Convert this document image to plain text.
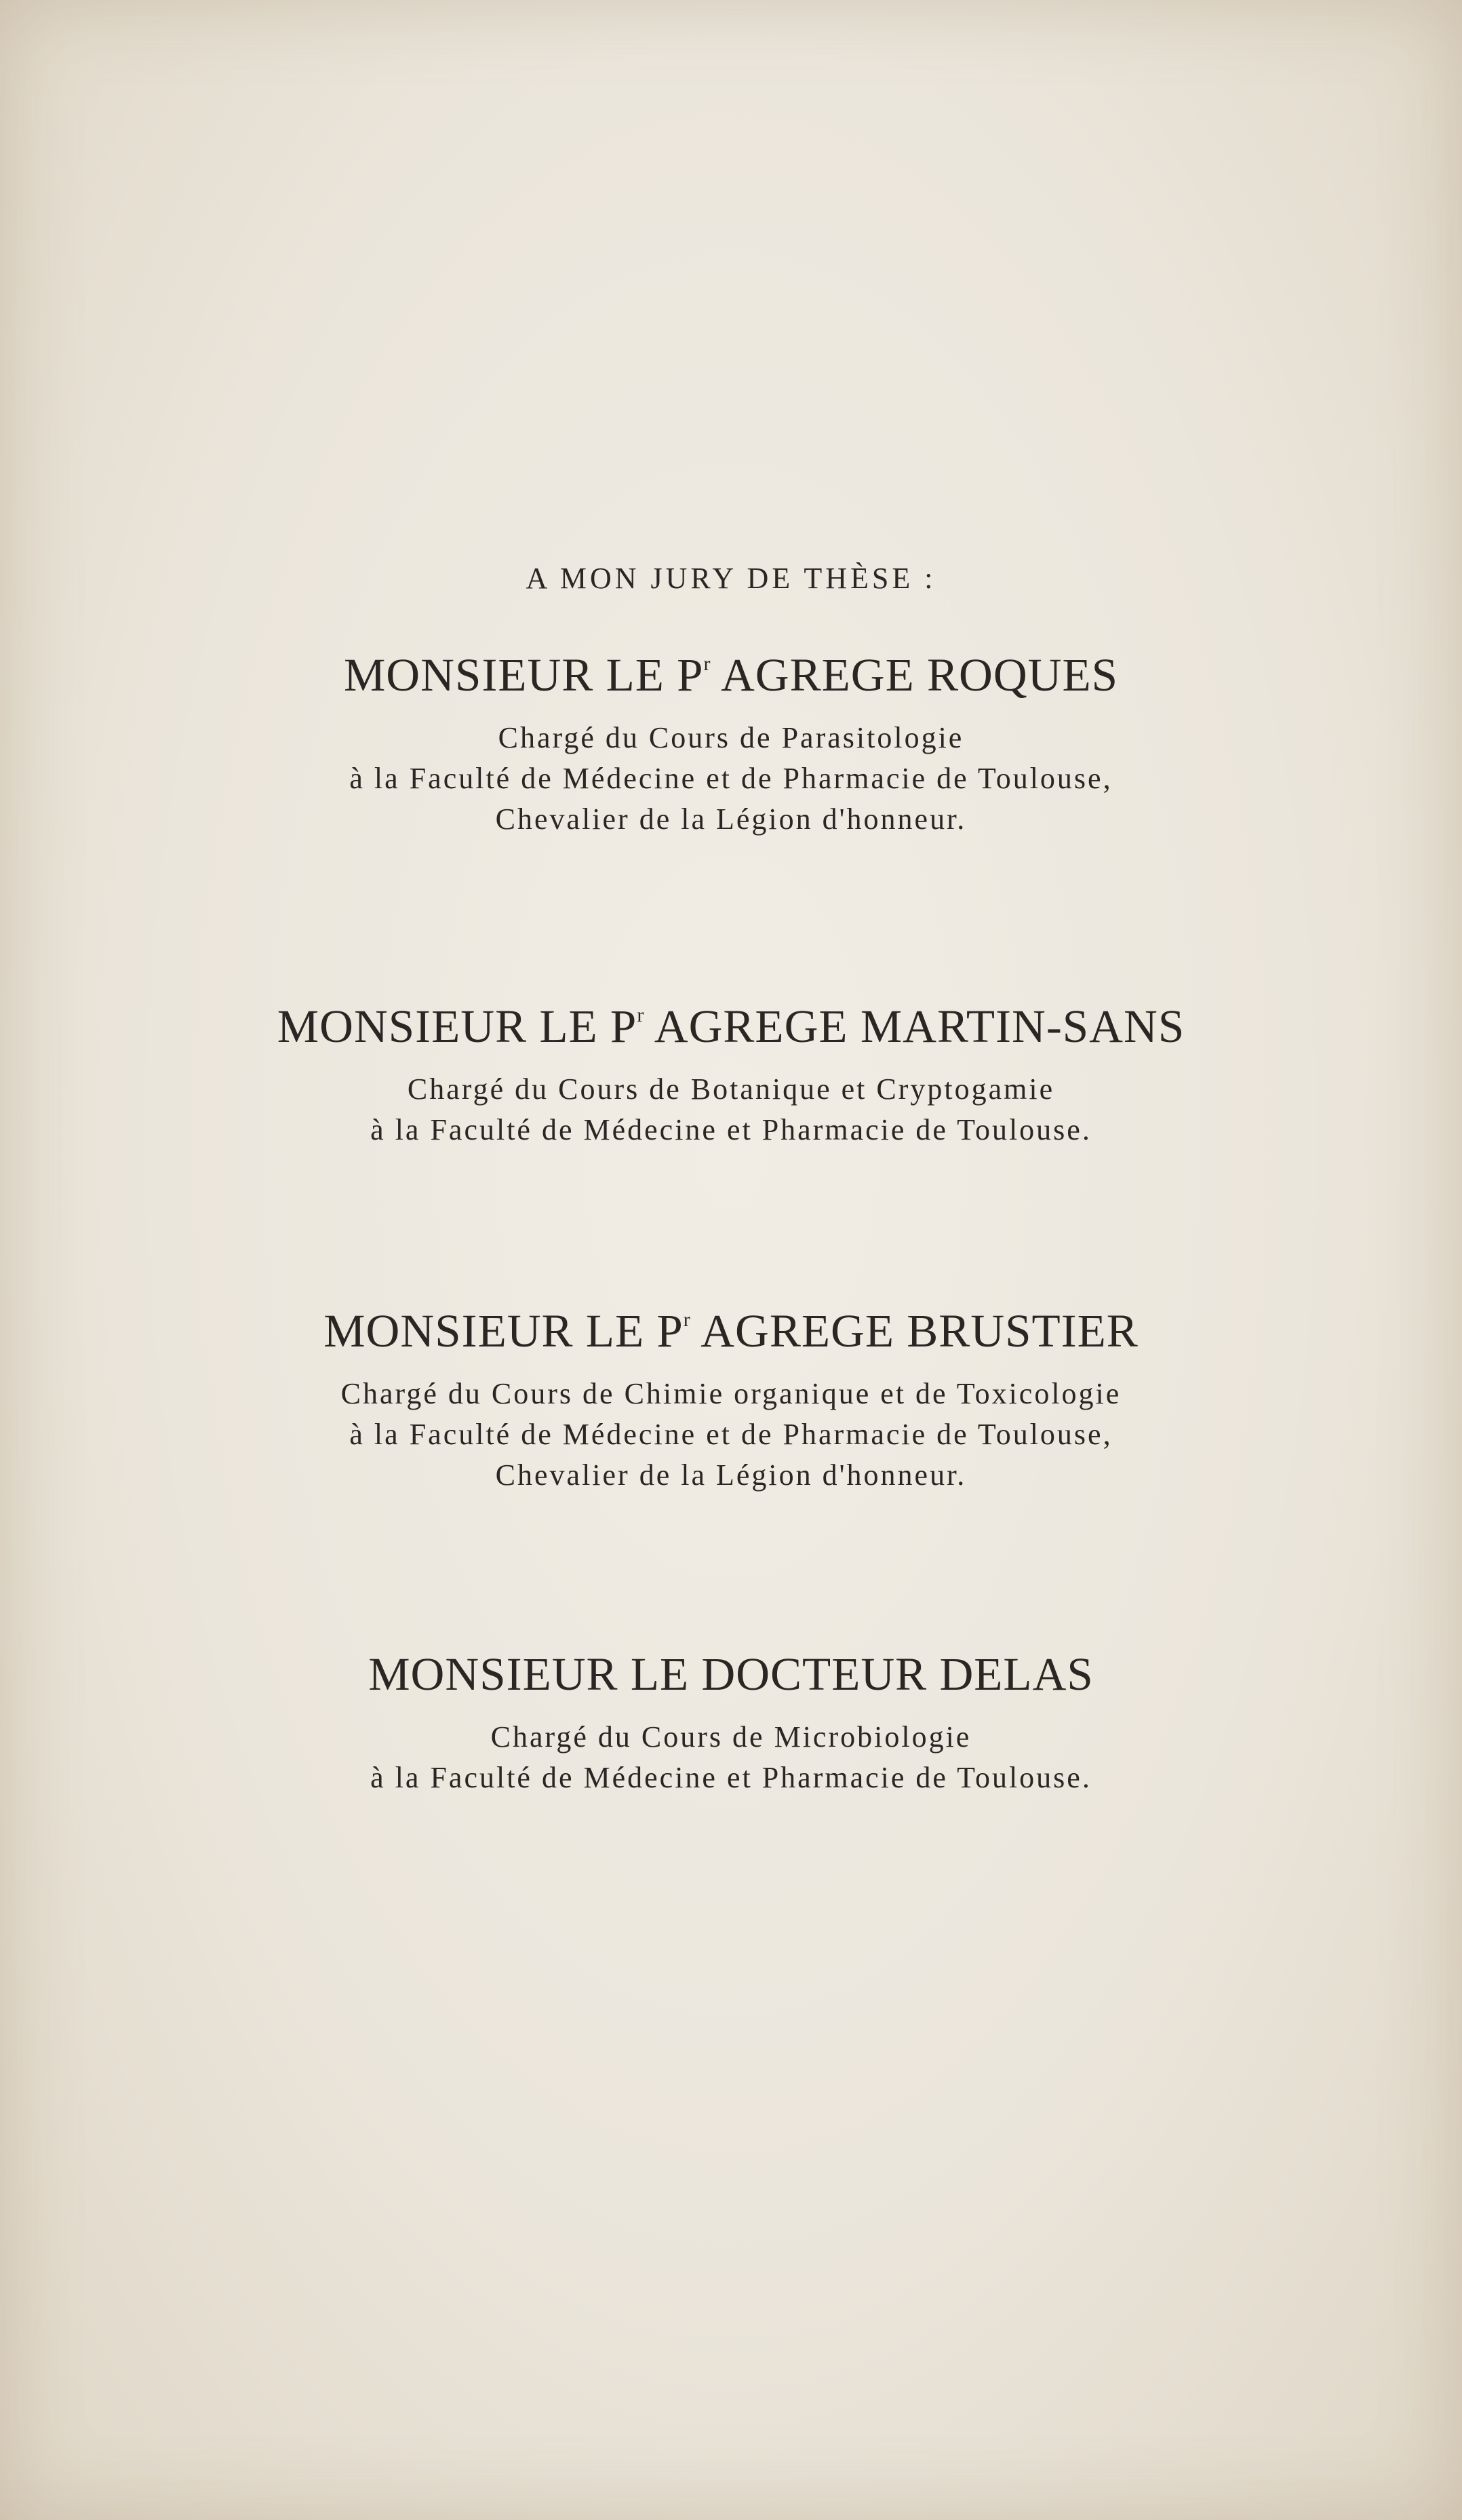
A MON JURY DE THÈSE :

MONSIEUR LE $P^r$ AGREGE ROQUES

Chargé du Cours de Parasitologie

à la Faculté de Médecine et de Pharmacie de Toulouse,

Chevalier de la Légion d'honneur.

MONSIEUR LE $P^r$ AGREGE MARTIN-SANS

Chargé du Cours de Botanique et Cryptogamie

à la Faculté de Médecine et Pharmacie de Toulouse.

MONSIEUR LE $P^r$ AGREGE BRUSTIER

Chargé du Cours de Chimie organique et de Toxicologie

à la Faculté de Médecine et de Pharmacie de Toulouse,

Chevalier de la Légion d'honneur.

MONSIEUR LE DOCTEUR DELAS

Chargé du Cours de Microbiologie

à la Faculté de Médecine et Pharmacie de Toulouse.
